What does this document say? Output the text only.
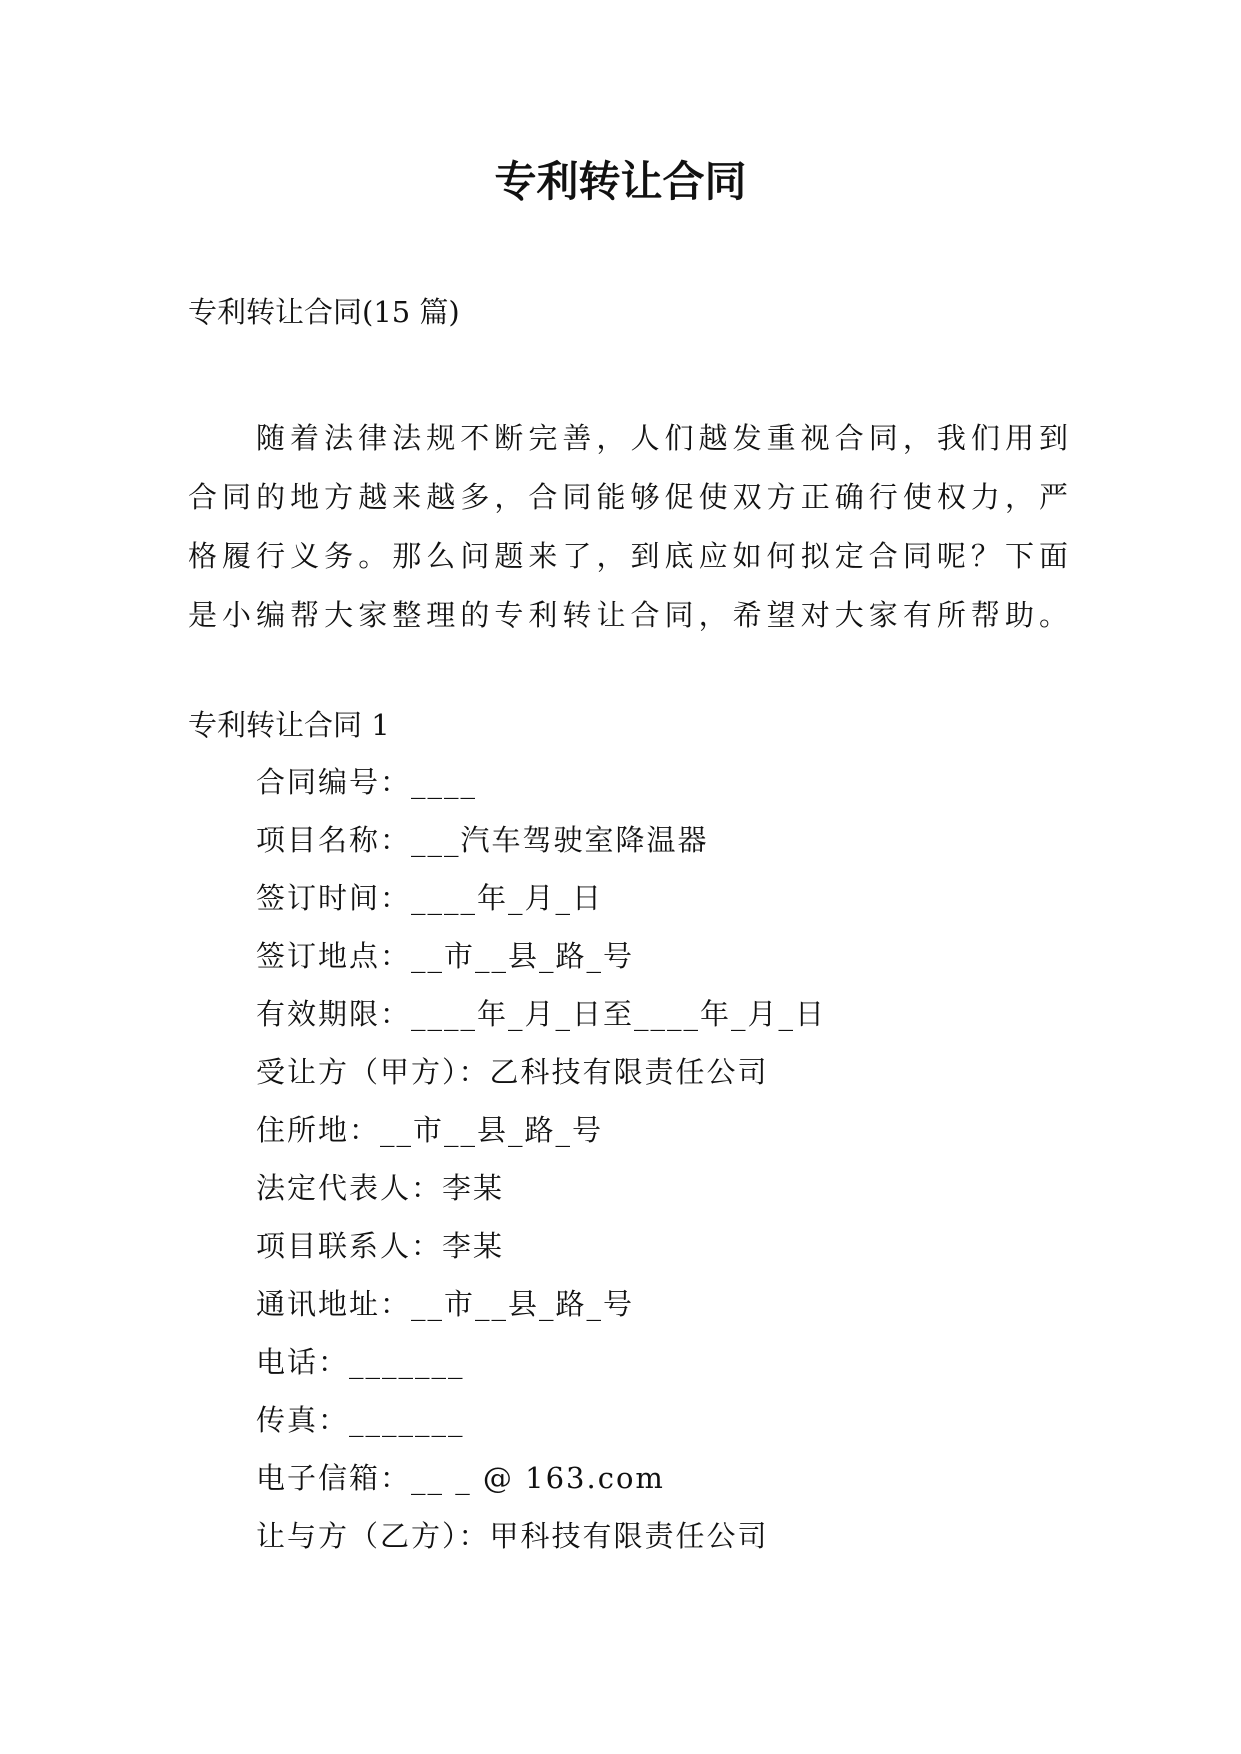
专利转让合同
专利转让合同(15 篇)
随着法律法规不断完善，人们越发重视合同，我们用到
合同的地方越来越多，合同能够促使双方正确行使权力，严
格履行义务。那么问题来了，到底应如何拟定合同呢？下面
是小编帮大家整理的专利转让合同，希望对大家有所帮助。
专利转让合同 1
合同编号：____
项目名称：___汽车驾驶室降温器
签订时间：____年_月_日
签订地点：__市__县_路_号
有效期限：____年_月_日至____年_月_日
受让方（甲方）：乙科技有限责任公司
住所地：__市__县_路_号
法定代表人：李某
项目联系人：李某
通讯地址：__市__县_路_号
电话：_______
传真：_______
电子信箱：__ _ @ 163.com
让与方（乙方）：甲科技有限责任公司
